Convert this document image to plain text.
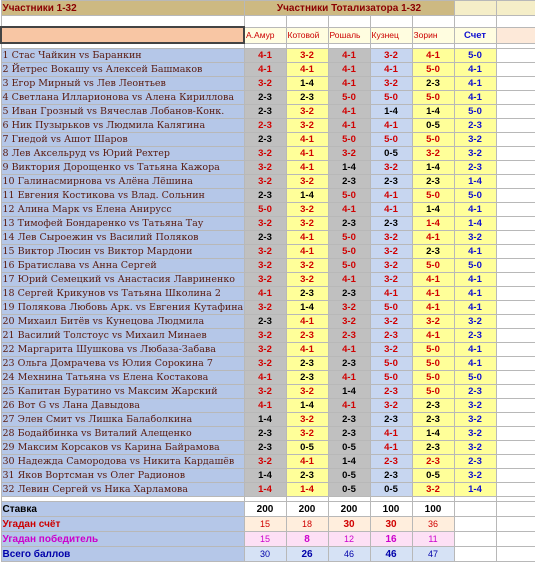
Участники 1-32	Участники Тотализатора 1-32						

	А.Амур	Котовой	Рошаль	Кузнец	Зорин	Счет	

1 Стас Чайкин vs Баранкин	4-1	3-2	4-1	3-2	4-1	5-0	
2 Йетрес Вокашу vs Алексей Башмаков	4-1	4-1	4-1	4-1	5-0	4-1	
3 Егор Мирный vs Лев Леонтьев	3-2	1-4	4-1	3-2	2-3	4-1	
4 Светлана Илларионова vs Алена Кириллова	2-3	2-3	5-0	5-0	5-0	4-1	
5 Иван Грозный vs Вячеслав Лобанов-Конк.	2-3	3-2	4-1	1-4	1-4	5-0	
6 Ник Пузырьков vs Людмила Калягина	2-3	3-2	4-1	4-1	0-5	2-3	
7 Гиедой vs Ашот Шаров	2-3	4-1	5-0	5-0	5-0	3-2	
8 Лев Аксельруд vs Юрий Рехтер	3-2	4-1	3-2	0-5	3-2	3-2	
9 Виктория Дорощенко vs Татьяна Кажора	3-2	4-1	1-4	3-2	1-4	2-3	
10 Галинасмирнова vs Алёна Лёшина	3-2	3-2	2-3	2-3	2-3	1-4	
11 Евгения Костикова vs Влад. Сольнин	2-3	1-4	5-0	4-1	5-0	5-0	
12 Алина Марк vs Елена Анирусс	5-0	3-2	4-1	4-1	1-4	4-1	
13 Тимофей Бондаренко vs Татьяна Тау	3-2	3-2	2-3	2-3	1-4	1-4	
14 Лев Сыроежин vs Василий Поляков	2-3	4-1	5-0	3-2	4-1	3-2	
15 Виктор Люсин vs Виктор Мардони	3-2	4-1	5-0	3-2	2-3	4-1	
16 Братислава vs Анна Сергей	3-2	3-2	5-0	3-2	5-0	5-0	
17 Юрий Семецкий vs Анастасия Лавриненко	3-2	3-2	4-1	3-2	4-1	4-1	
18 Сергей Крикунов vs Татьяна Школина 2	4-1	2-3	2-3	4-1	4-1	4-1	
19 Полякова Любовь Арк. vs Евгения Кутафина	3-2	1-4	3-2	5-0	4-1	4-1	
20 Михаил Битёв vs Кунецова Людмила	2-3	4-1	3-2	3-2	3-2	3-2	
21 Василий Толстоус vs Михаил Минаев	3-2	2-3	2-3	2-3	4-1	2-3	
22 Маргарита Шушкова vs Любаза-Забава	3-2	4-1	4-1	3-2	5-0	4-1	
23 Ольга Домрачева vs Юлия Сорокина 7	3-2	2-3	2-3	5-0	5-0	4-1	
24 Мехнина Татьяна vs Елена Костакова	4-1	2-3	4-1	5-0	5-0	5-0	
25 Капитан Буратино vs Максим Жарский	3-2	3-2	1-4	2-3	5-0	2-3	
26 Вот G vs Лана Давыдова	4-1	1-4	4-1	3-2	2-3	3-2	
27 Элен Смит vs Лишка Балаболкина	1-4	3-2	2-3	2-3	2-3	3-2	
28 Бодайбинка vs Виталий Алещенко	2-3	3-2	2-3	4-1	1-4	3-2	
29 Максим Корсаков vs Карина Байрамова	2-3	0-5	0-5	4-1	2-3	3-2	
30 Надежда Самородова vs Никита Кардашёв	3-2	4-1	1-4	2-3	2-3	2-3	
31 Яков Вортсман vs Олег Радионов	1-4	2-3	0-5	2-3	0-5	3-2	
32 Левин Сергей vs Ника Харламова	1-4	1-4	0-5	0-5	3-2	1-4	

Ставка	200	200	200	100	100		
Угадан счёт	15	18	30	30	36		
Угадан победитель	15	8	12	16	11		
Всего баллов	30	26	46	46	47		
